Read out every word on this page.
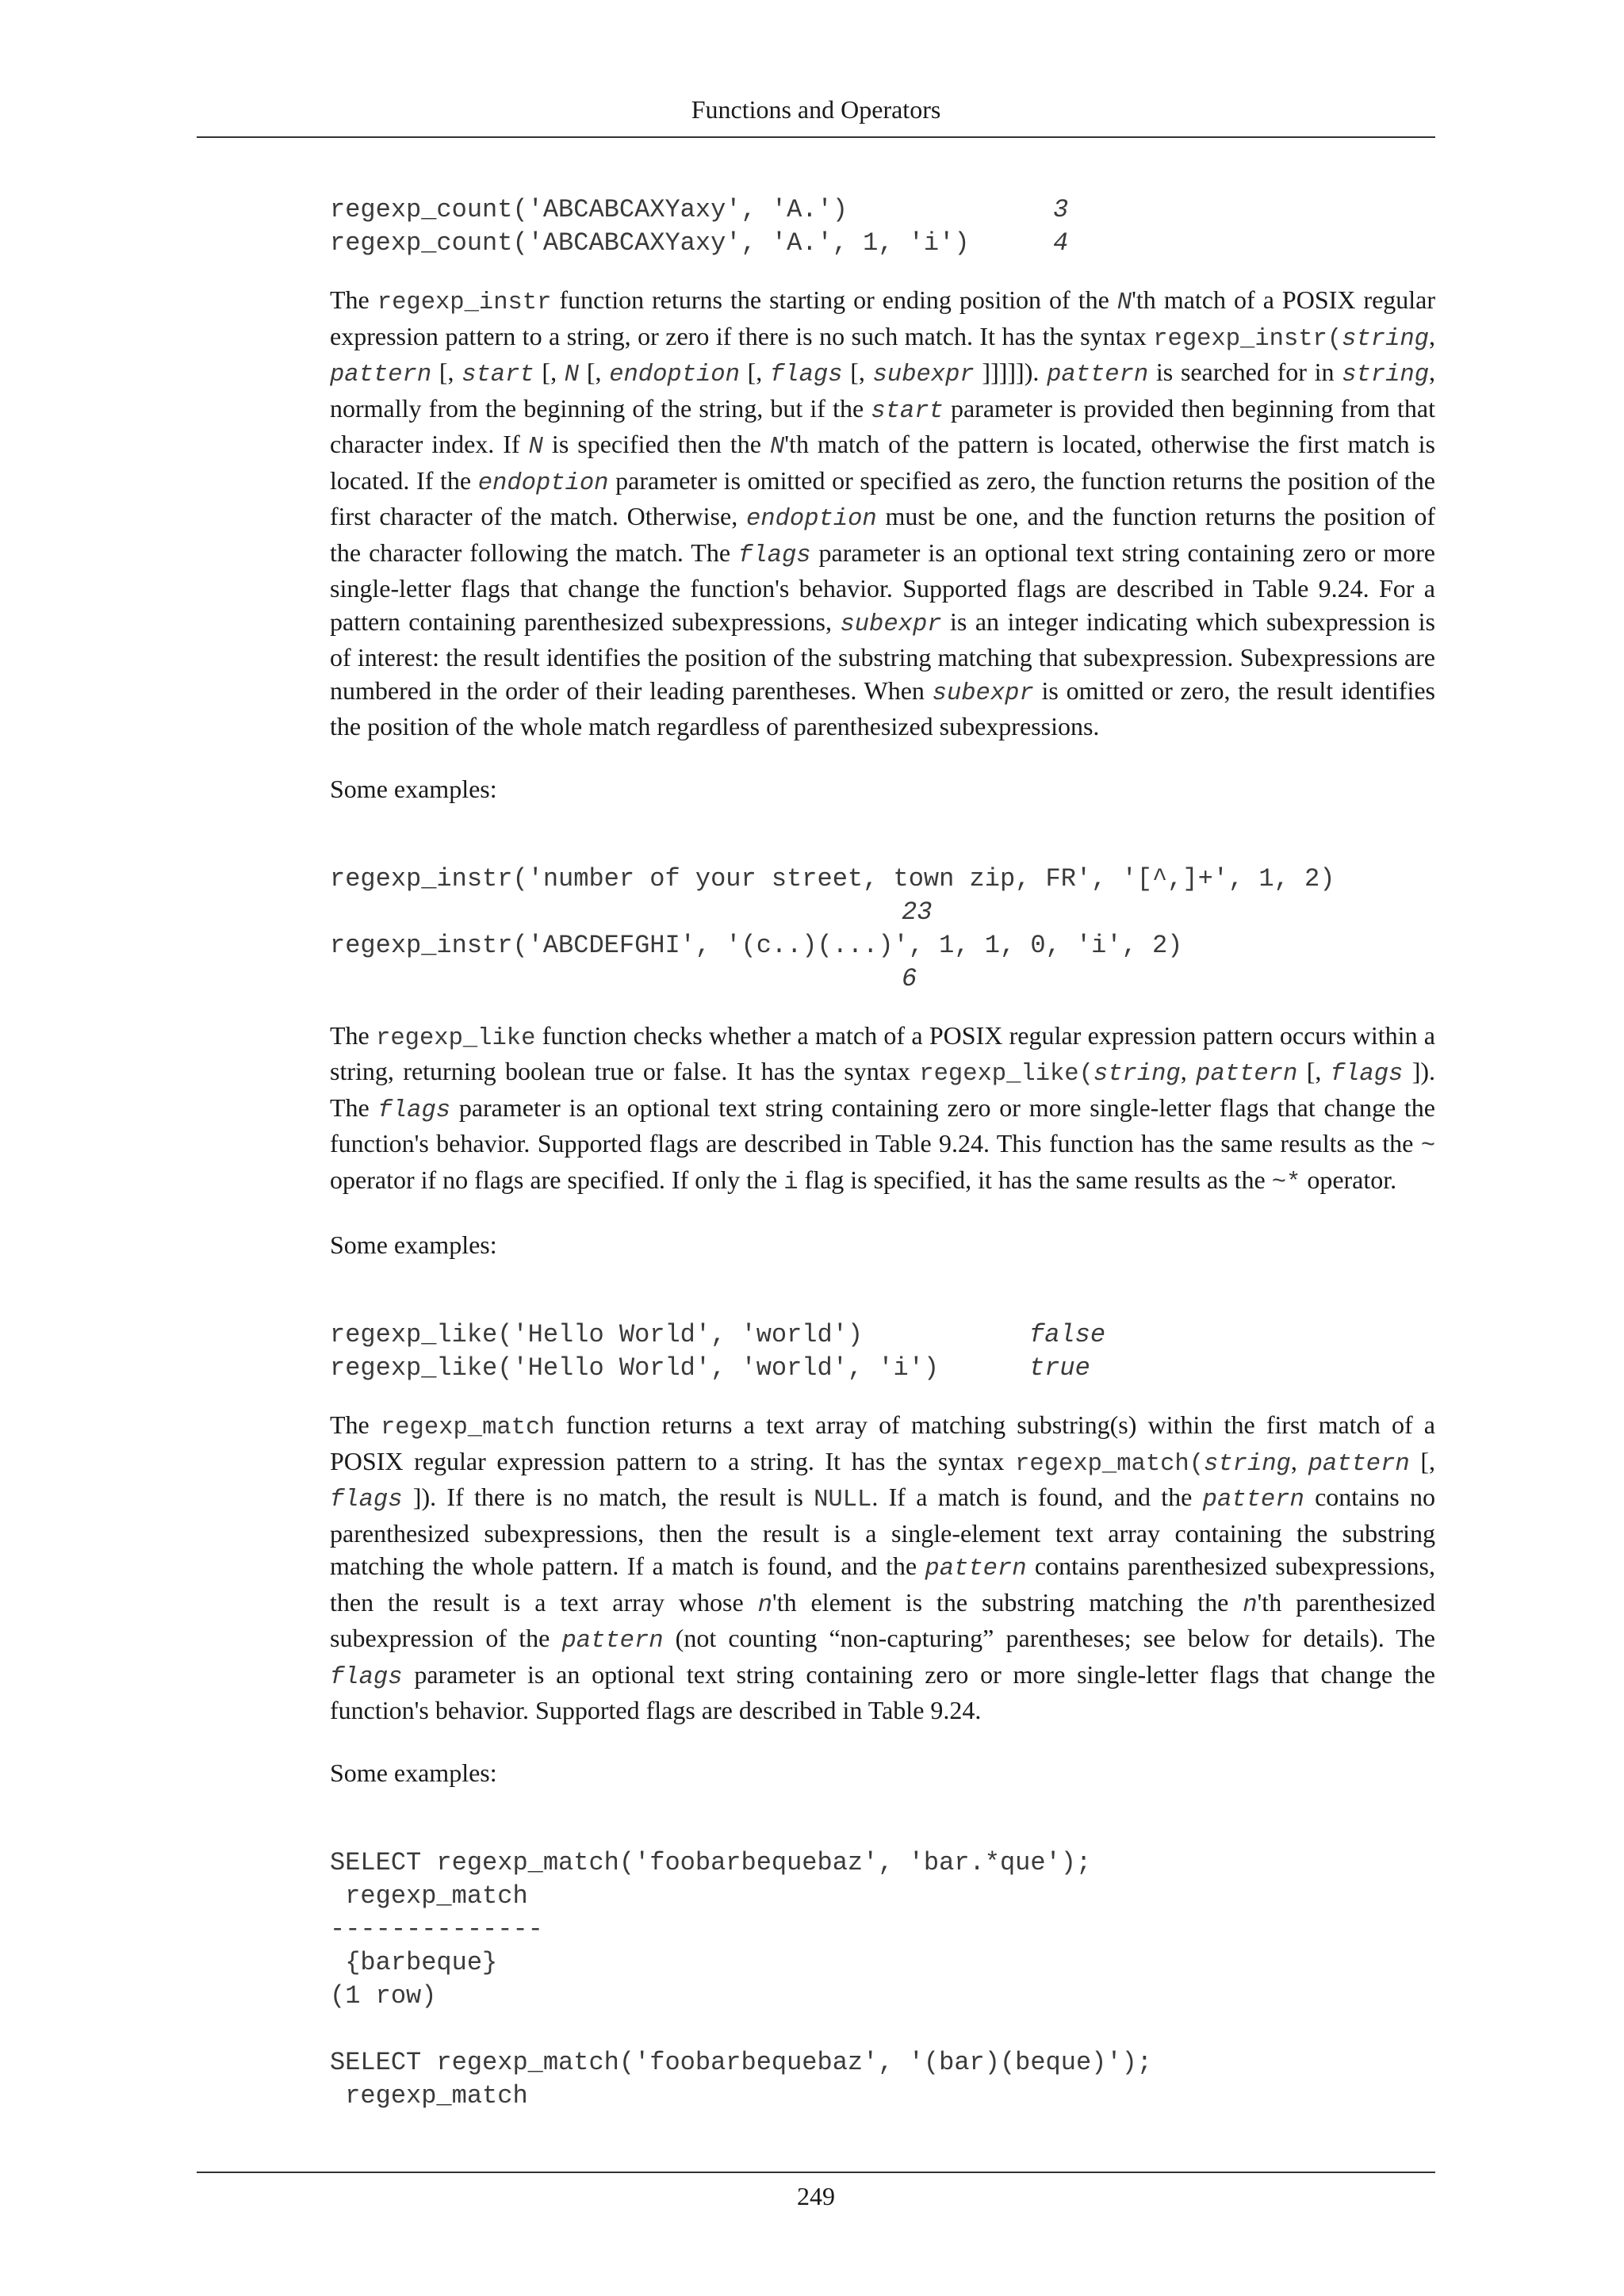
Functions and Operators
regexp_count('ABCABCAXYaxy', 'A.')	3
regexp_count('ABCABCAXYaxy', 'A.', 1, 'i')	4

The regexp_instr function returns the starting or ending position of the N'th match of a POSIX regular expression pattern to a string, or zero if there is no such match. It has the syntax regexp_instr(string, pattern [, start [, N [, endoption [, flags [, subexpr ]]]]]). pattern is searched for in string, normally from the beginning of the string, but if the start parameter is provided then beginning from that character index. If N is specified then the N'th match of the pattern is located, otherwise the first match is located. If the endoption parameter is omitted or specified as zero, the function returns the position of the first character of the match. Otherwise, endoption must be one, and the function returns the position of the character following the match. The flags parameter is an optional text string containing zero or more single-letter flags that change the function's behavior. Supported flags are described in Table 9.24. For a pattern containing parenthesized subexpressions, subexpr is an integer indicating which subexpression is of interest: the result identifies the position of the substring matching that subexpression. Subexpressions are numbered in the order of their leading parentheses. When subexpr is omitted or zero, the result identifies the position of the whole match regardless of parenthesized subexpressions.

Some examples:

regexp_instr('number of your street, town zip, FR', '[^,]+', 1, 2)
23
regexp_instr('ABCDEFGHI', '(c..)(...)', 1, 1, 0, 'i', 2)
6

The regexp_like function checks whether a match of a POSIX regular expression pattern occurs within a string, returning boolean true or false. It has the syntax regexp_like(string, pattern [, flags ]). The flags parameter is an optional text string containing zero or more single-letter flags that change the function's behavior. Supported flags are described in Table 9.24. This function has the same results as the ~ operator if no flags are specified. If only the i flag is specified, it has the same results as the ~* operator.

Some examples:

regexp_like('Hello World', 'world')	false
regexp_like('Hello World', 'world', 'i')	true

The regexp_match function returns a text array of matching substring(s) within the first match of a POSIX regular expression pattern to a string. It has the syntax regexp_match(string, pattern [, flags ]). If there is no match, the result is NULL. If a match is found, and the pattern contains no parenthesized subexpressions, then the result is a single-element text array containing the substring matching the whole pattern. If a match is found, and the pattern contains parenthesized subexpressions, then the result is a text array whose n'th element is the substring matching the n'th parenthesized subexpression of the pattern (not counting “non-capturing” parentheses; see below for details). The flags parameter is an optional text string containing zero or more single-letter flags that change the function's behavior. Supported flags are described in Table 9.24.

Some examples:

SELECT regexp_match('foobarbequebaz', 'bar.*que');
regexp_match
--------------
{barbeque}
(1 row)

SELECT regexp_match('foobarbequebaz', '(bar)(beque)');
regexp_match
249
